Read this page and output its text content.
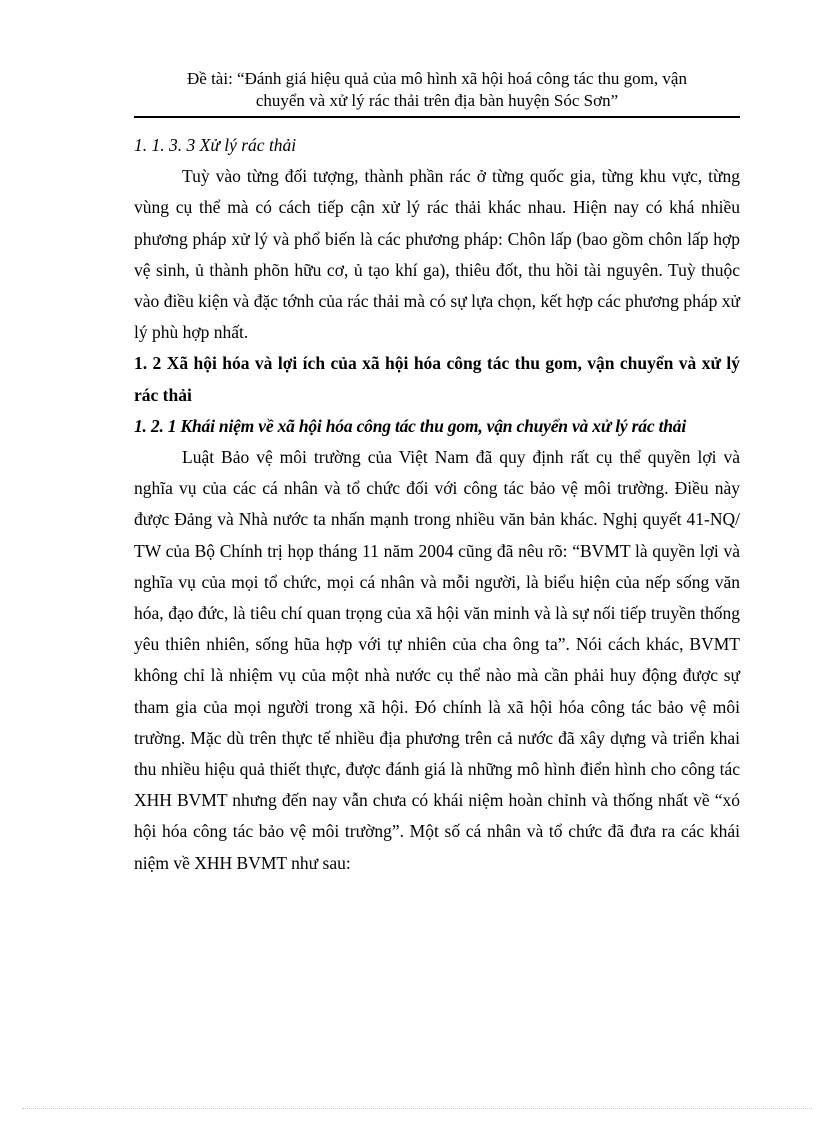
Đề tài: “Đánh giá hiệu quả của mô hình xã hội hoá công tác thu gom, vận
chuyển và xử lý rác thải trên địa bàn huyện Sóc Sơn”

1. 1. 3. 3 Xử lý rác thải

Tuỳ vào từng đối tượng, thành phần rác ở từng quốc gia, từng khu vực, từng vùng cụ thể mà có cách tiếp cận xử lý rác thải khác nhau. Hiện nay có khá nhiều phương pháp xử lý và phổ biến là các phương pháp: Chôn lấp (bao gồm chôn lấp hợp vệ sinh, ủ thành phõn hữu cơ, ủ tạo khí ga), thiêu đốt, thu hồi tài nguyên. Tuỳ thuộc vào điều kiện và đặc tớnh của rác thải mà có sự lựa chọn, kết hợp các phương pháp xử lý phù hợp nhất.

1. 2 Xã hội hóa và lợi ích của xã hội hóa công tác thu gom, vận chuyển và xử lý rác thải

1. 2. 1 Khái niệm về xã hội hóa công tác thu gom, vận chuyển và xử lý rác thải

Luật Bảo vệ môi trường của Việt Nam đã quy định rất cụ thể quyền lợi và nghĩa vụ của các cá nhân và tổ chức đối với công tác bảo vệ môi trường. Điều này được Đảng và Nhà nước ta nhấn mạnh trong nhiều văn bản khác. Nghị quyết 41-NQ/ TW của Bộ Chính trị họp tháng 11 năm 2004 cũng đã nêu rõ: “BVMT là quyền lợi và nghĩa vụ của mọi tổ chức, mọi cá nhân và mỗi người, là biểu hiện của nếp sống văn hóa, đạo đức, là tiêu chí quan trọng của xã hội văn minh và là sự nối tiếp truyền thống yêu thiên nhiên, sống hũa hợp với tự nhiên của cha ông ta”. Nói cách khác, BVMT không chỉ là nhiệm vụ của một nhà nước cụ thể nào mà cần phải huy động được sự tham gia của mọi người trong xã hội. Đó chính là xã hội hóa công tác bảo vệ môi trường. Mặc dù trên thực tế nhiều địa phương trên cả nước đã xây dựng và triển khai thu nhiều hiệu quả thiết thực, được đánh giá là những mô hình điển hình cho công tác XHH BVMT nhưng đến nay vẫn chưa có khái niệm hoàn chỉnh và thống nhất về “xó hội hóa công tác bảo vệ môi trường”. Một số cá nhân và tổ chức đã đưa ra các khái niệm về XHH BVMT như sau:
